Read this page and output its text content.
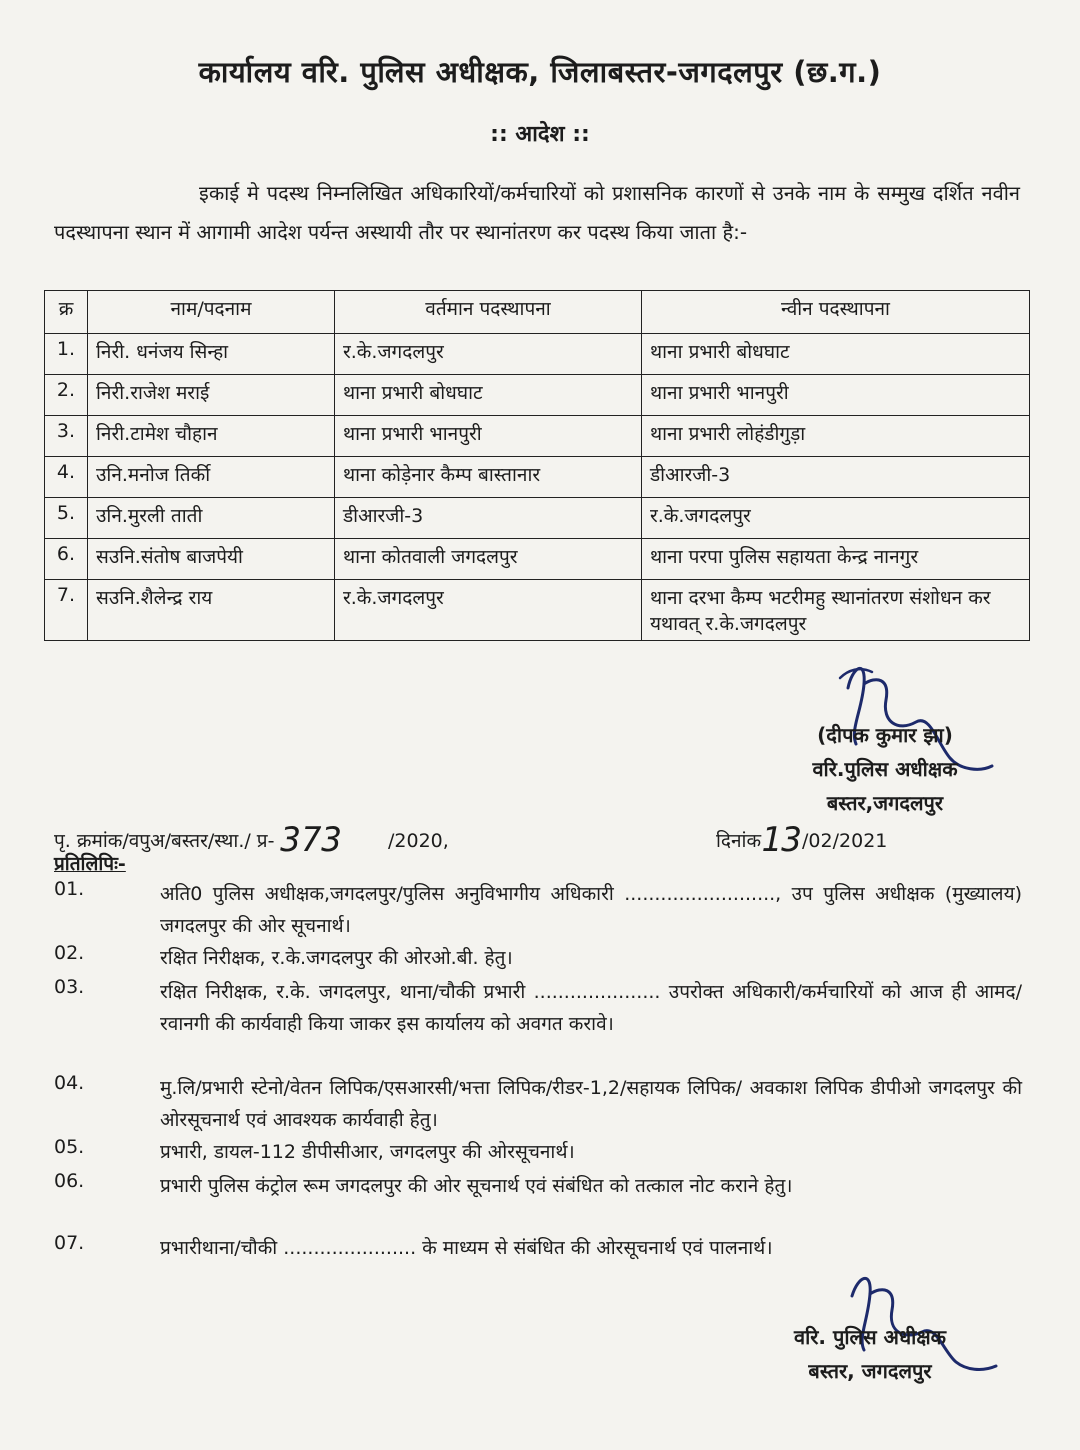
कार्यालय वरि. पुलिस अधीक्षक, जिलाबस्तर-जगदलपुर (छ.ग.)
:: आदेश ::
इकाई मे पदस्थ निम्नलिखित अधिकारियों/कर्मचारियों को प्रशासनिक कारणों से उनके नाम के सम्मुख दर्शित नवीन पदस्थापना स्थान में आगामी आदेश पर्यन्त अस्थायी तौर पर स्थानांतरण कर पदस्थ किया जाता है:-
क्र	नाम/पदनाम	वर्तमान पदस्थापना	न्वीन पदस्थापना
1.	निरी. धनंजय सिन्हा	र.के.जगदलपुर	थाना प्रभारी बोधघाट
2.	निरी.राजेश मराई	थाना प्रभारी बोधघाट	थाना प्रभारी भानपुरी
3.	निरी.टामेश चौहान	थाना प्रभारी भानपुरी	थाना प्रभारी लोहंडीगुड़ा
4.	उनि.मनोज तिर्की	थाना कोड़ेनार कैम्प बास्तानार	डीआरजी-3
5.	उनि.मुरली ताती	डीआरजी-3	र.के.जगदलपुर
6.	सउनि.संतोष बाजपेयी	थाना कोतवाली जगदलपुर	थाना परपा पुलिस सहायता केन्द्र नानगुर
7.	सउनि.शैलेन्द्र राय	र.के.जगदलपुर	थाना दरभा कैम्प भटरीमहु स्थानांतरण संशोधन कर यथावत् र.के.जगदलपुर
(दीपक कुमार झा)
वरि.पुलिस अधीक्षक
बस्तर,जगदलपुर
पृ. क्रमांक/वपुअ/बस्तर/स्था./ प्र- 373 /2020,	दिनांक13/02/2021
प्रतिलिपिः-
01.	अति0 पुलिस अधीक्षक,जगदलपुर/पुलिस अनुविभागीय अधिकारी ........................., उप पुलिस अधीक्षक (मुख्यालय) जगदलपुर की ओर सूचनार्थ।
02.	रक्षित निरीक्षक, र.के.जगदलपुर की ओरओ.बी. हेतु।
03.	रक्षित निरीक्षक, र.के. जगदलपुर, थाना/चौकी प्रभारी ..................... उपरोक्त अधिकारी/कर्मचारियों को आज ही आमद/रवानगी की कार्यवाही किया जाकर इस कार्यालय को अवगत करावे।
04.	मु.लि/प्रभारी स्टेनो/वेतन लिपिक/एसआरसी/भत्ता लिपिक/रीडर-1,2/सहायक लिपिक/ अवकाश लिपिक डीपीओ जगदलपुर की ओरसूचनार्थ एवं आवश्यक कार्यवाही हेतु।
05.	प्रभारी, डायल-112 डीपीसीआर, जगदलपुर की ओरसूचनार्थ।
06.	प्रभारी पुलिस कंट्रोल रूम जगदलपुर की ओर सूचनार्थ एवं संबंधित को तत्काल नोट कराने हेतु।
07.	प्रभारीथाना/चौकी ...................... के माध्यम से संबंधित की ओरसूचनार्थ एवं पालनार्थ।
वरि. पुलिस अधीक्षक
बस्तर, जगदलपुर
